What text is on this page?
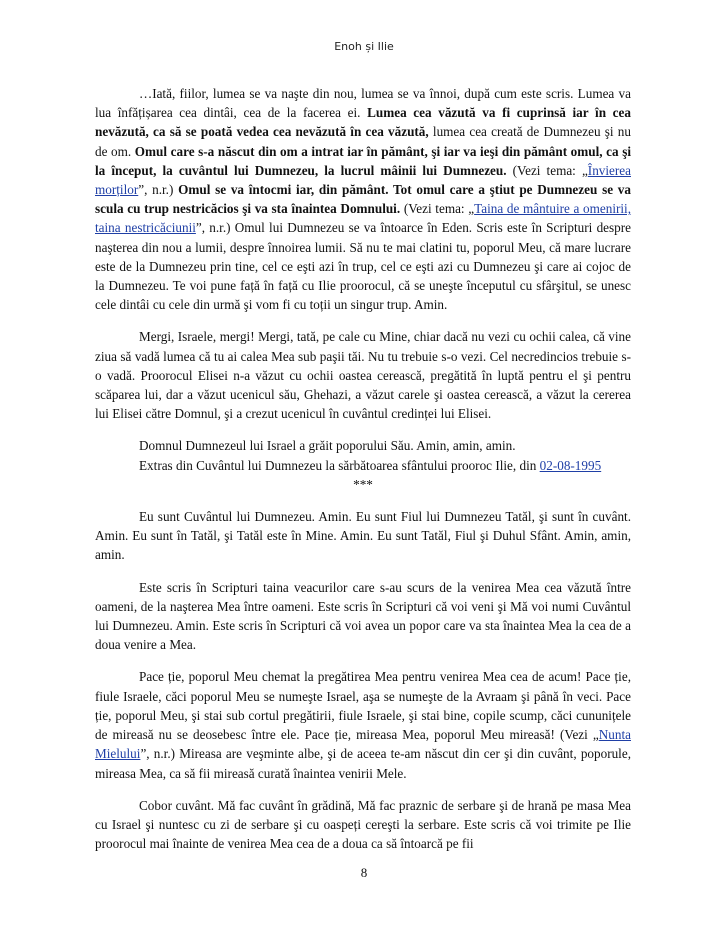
Enoh și Ilie

…Iată, fiilor, lumea se va naşte din nou, lumea se va înnoi, după cum este scris. Lumea va lua înfățișarea cea dintâi, cea de la facerea ei. Lumea cea văzută va fi cuprinsă iar în cea nevăzută, ca să se poată vedea cea nevăzută în cea văzută, lumea cea creată de Dumnezeu şi nu de om. Omul care s-a născut din om a intrat iar în pământ, şi iar va ieşi din pământ omul, ca şi la început, la cuvântul lui Dumnezeu, la lucrul mâinii lui Dumnezeu. (Vezi tema: „Învierea morților”, n.r.) Omul se va întocmi iar, din pământ. Tot omul care a ştiut pe Dumnezeu se va scula cu trup nestricăcios şi va sta înaintea Domnului. (Vezi tema: „Taina de mântuire a omenirii, taina nestricăciunii”, n.r.) Omul lui Dumnezeu se va întoarce în Eden. Scris este în Scripturi despre naşterea din nou a lumii, despre înnoirea lumii. Să nu te mai clatini tu, poporul Meu, că mare lucrare este de la Dumnezeu prin tine, cel ce eşti azi în trup, cel ce eşti azi cu Dumnezeu şi care ai cojoc de la Dumnezeu. Te voi pune față în față cu Ilie proorocul, că se uneşte începutul cu sfârşitul, se unesc cele dintâi cu cele din urmă şi vom fi cu toții un singur trup. Amin.

Mergi, Israele, mergi! Mergi, tată, pe cale cu Mine, chiar dacă nu vezi cu ochii calea, că vine ziua să vadă lumea că tu ai calea Mea sub paşii tăi. Nu tu trebuie s-o vezi. Cel necredincios trebuie s-o vadă. Proorocul Elisei n-a văzut cu ochii oastea cerească, pregătită în luptă pentru el şi pentru scăparea lui, dar a văzut ucenicul său, Ghehazi, a văzut carele şi oastea cerească, a văzut la cererea lui Elisei către Domnul, şi a crezut ucenicul în cuvântul credinței lui Elisei.

Domnul Dumnezeul lui Israel a grăit poporului Său. Amin, amin, amin.

Extras din Cuvântul lui Dumnezeu la sărbătoarea sfântului prooroc Ilie, din 02-08-1995

***

Eu sunt Cuvântul lui Dumnezeu. Amin. Eu sunt Fiul lui Dumnezeu Tatăl, şi sunt în cuvânt. Amin. Eu sunt în Tatăl, şi Tatăl este în Mine. Amin. Eu sunt Tatăl, Fiul şi Duhul Sfânt. Amin, amin, amin.

Este scris în Scripturi taina veacurilor care s-au scurs de la venirea Mea cea văzută între oameni, de la naşterea Mea între oameni. Este scris în Scripturi că voi veni şi Mă voi numi Cuvântul lui Dumnezeu. Amin. Este scris în Scripturi că voi avea un popor care va sta înaintea Mea la cea de a doua venire a Mea.

Pace ție, poporul Meu chemat la pregătirea Mea pentru venirea Mea cea de acum! Pace ție, fiule Israele, căci poporul Meu se numeşte Israel, aşa se numeşte de la Avraam şi până în veci. Pace ție, poporul Meu, şi stai sub cortul pregătirii, fiule Israele, şi stai bine, copile scump, căci cununițele de mireasă nu se deosebesc între ele. Pace ție, mireasa Mea, poporul Meu mireasă! (Vezi „Nunta Mielului”, n.r.) Mireasa are veşminte albe, şi de aceea te-am născut din cer şi din cuvânt, poporule, mireasa Mea, ca să fii mireasă curată înaintea venirii Mele.

Cobor cuvânt. Mă fac cuvânt în grădină, Mă fac praznic de serbare şi de hrană pe masa Mea cu Israel şi nuntesc cu zi de serbare şi cu oaspeți cereşti la serbare. Este scris că voi trimite pe Ilie proorocul mai înainte de venirea Mea cea de a doua ca să întoarcă pe fii

8
